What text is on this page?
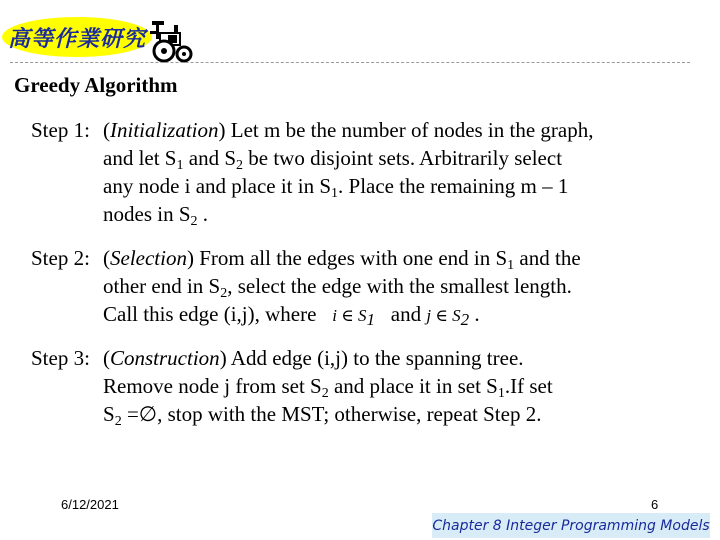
高等作業研究
Greedy Algorithm
Step 1: (Initialization) Let m be the number of nodes in the graph,
and let $S_1$ and $S_2$ be two disjoint sets. Arbitrarily select
any node i and place it in $S_1$. Place the remaining m – 1
nodes in $S_2$ .
Step 2: (Selection) From all the edges with one end in $S_1$ and the
other end in $S_2$, select the edge with the smallest length.
Call this edge (i,j), where i ∈ $S_1$ and j ∈ $S_2$ .
Step 3: (Construction) Add edge (i,j) to the spanning tree.
Remove node j from set $S_2$ and place it in set $S_1.If$ set
$S_2$ =∅, stop with the MST; otherwise, repeat Step 2.
6/12/2021	6
Chapter 8 Integer Programming Models
